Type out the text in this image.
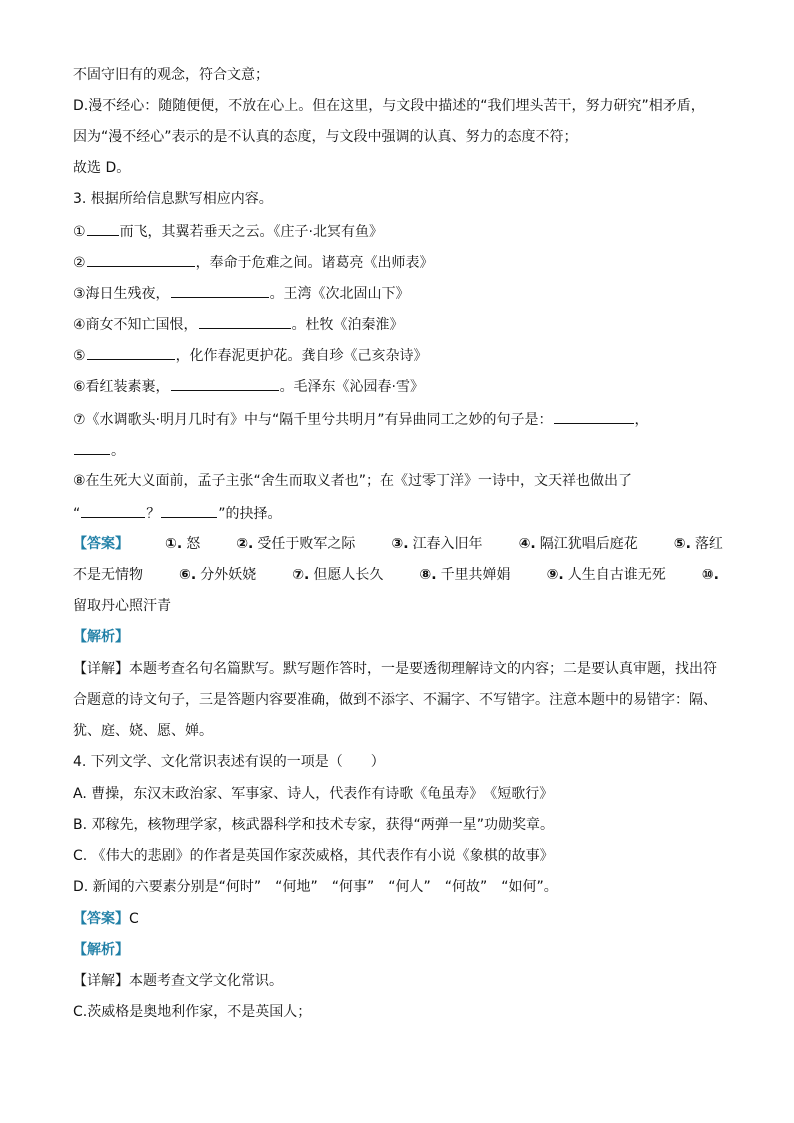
不固守旧有的观念，符合文意；
D.漫不经心：随随便便，不放在心上。但在这里，与文段中描述的“我们埋头苦干，努力研究”相矛盾，
因为“漫不经心”表示的是不认真的态度，与文段中强调的认真、努力的态度不符；
故选 D。
3. 根据所给信息默写相应内容。
① 而飞，其翼若垂天之云。《庄子·北冥有鱼》
②	，奉命于危难之间。诸葛亮《出师表》
③海日生残夜，	。王湾《次北固山下》
④商女不知亡国恨，	。杜牧《泊秦淮》
⑤	，化作春泥更护花。龚自珍《己亥杂诗》
⑥看红装素裹，	。毛泽东《沁园春·雪》
⑦《水调歌头·明月几时有》中与“隔千里兮共明月”有异曲同工之妙的句子是：	，
。
⑧在生死大义面前，孟子主张“舍生而取义者也”；在《过零丁洋》一诗中，文天祥也做出了
“	？	”的抉择。
【答案】	①. 怒	②. 受任于败军之际	③. 江春入旧年	④. 隔江犹唱后庭花	⑤. 落红
不是无情物	⑥. 分外妖娆	⑦. 但愿人长久	⑧. 千里共婵娟	⑨. 人生自古谁无死	⑩.
留取丹心照汗青
【解析】
【详解】本题考查名句名篇默写。默写题作答时，一是要透彻理解诗文的内容；二是要认真审题，找出符
合题意的诗文句子，三是答题内容要准确，做到不添字、不漏字、不写错字。注意本题中的易错字：隔、
犹、庭、娆、愿、婵。
4. 下列文学、文化常识表述有误的一项是（　　）
A. 曹操，东汉末政治家、军事家、诗人，代表作有诗歌《龟虽寿》　《短歌行》
B. 邓稼先，核物理学家，核武器科学和技术专家，获得“两弹一星”功勋奖章。
C. 《伟大的悲剧》的作者是英国作家茨威格，其代表作有小说《象棋的故事》
D. 新闻的六要素分别是“何时”　“何地”　“何事”　“何人”　“何故”　“如何”。
【答案】C
【解析】
【详解】本题考查文学文化常识。
C.茨威格是奥地利作家，不是英国人；
